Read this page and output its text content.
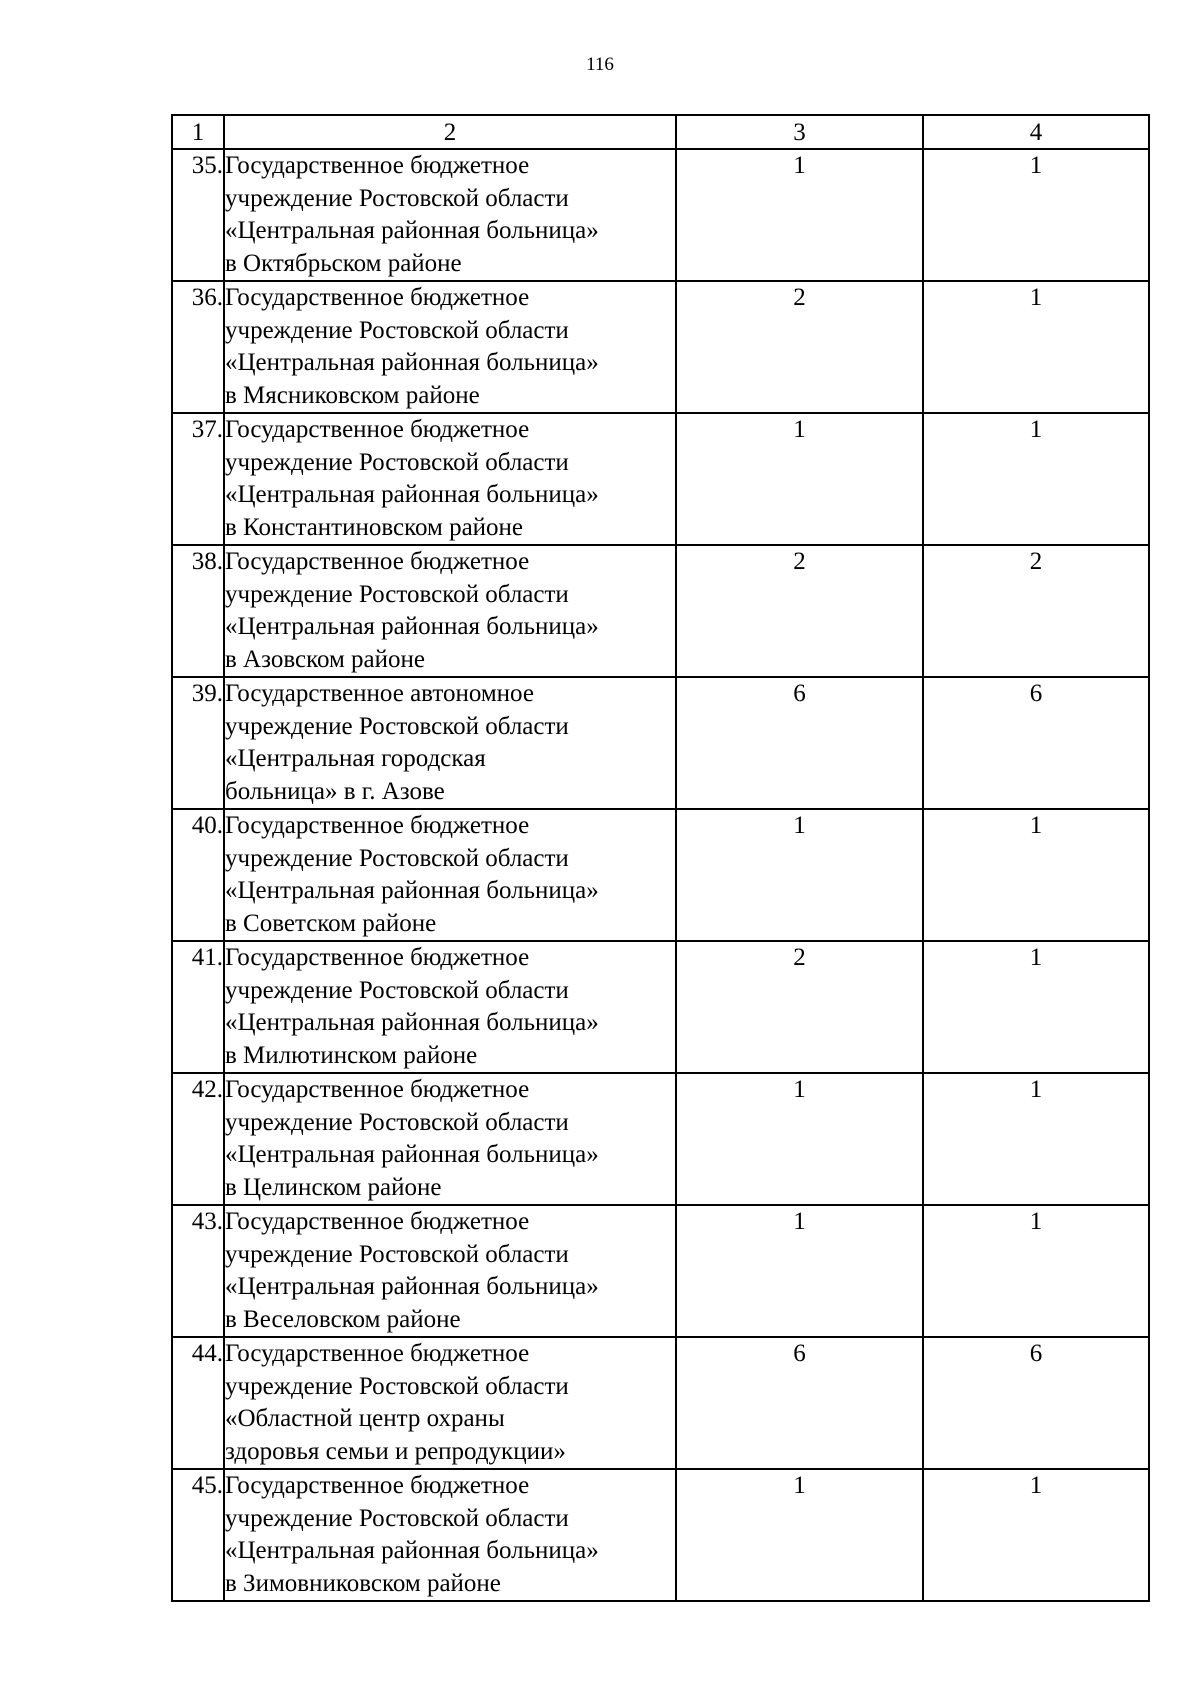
116
1	2	3	4
35.	Государственное бюджетное
учреждение Ростовской области
«Центральная районная больница»
в Октябрьском районе	1	1
36.	Государственное бюджетное
учреждение Ростовской области
«Центральная районная больница»
в Мясниковском районе	2	1
37.	Государственное бюджетное
учреждение Ростовской области
«Центральная районная больница»
в Константиновском районе	1	1
38.	Государственное бюджетное
учреждение Ростовской области
«Центральная районная больница»
в Азовском районе	2	2
39.	Государственное автономное
учреждение Ростовской области
«Центральная городская
больница» в г. Азове	6	6
40.	Государственное бюджетное
учреждение Ростовской области
«Центральная районная больница»
в Советском районе	1	1
41.	Государственное бюджетное
учреждение Ростовской области
«Центральная районная больница»
в Милютинском районе	2	1
42.	Государственное бюджетное
учреждение Ростовской области
«Центральная районная больница»
в Целинском районе	1	1
43.	Государственное бюджетное
учреждение Ростовской области
«Центральная районная больница»
в Веселовском районе	1	1
44.	Государственное бюджетное
учреждение Ростовской области
«Областной центр охраны
здоровья семьи и репродукции»	6	6
45.	Государственное бюджетное
учреждение Ростовской области
«Центральная районная больница»
в Зимовниковском районе	1	1
